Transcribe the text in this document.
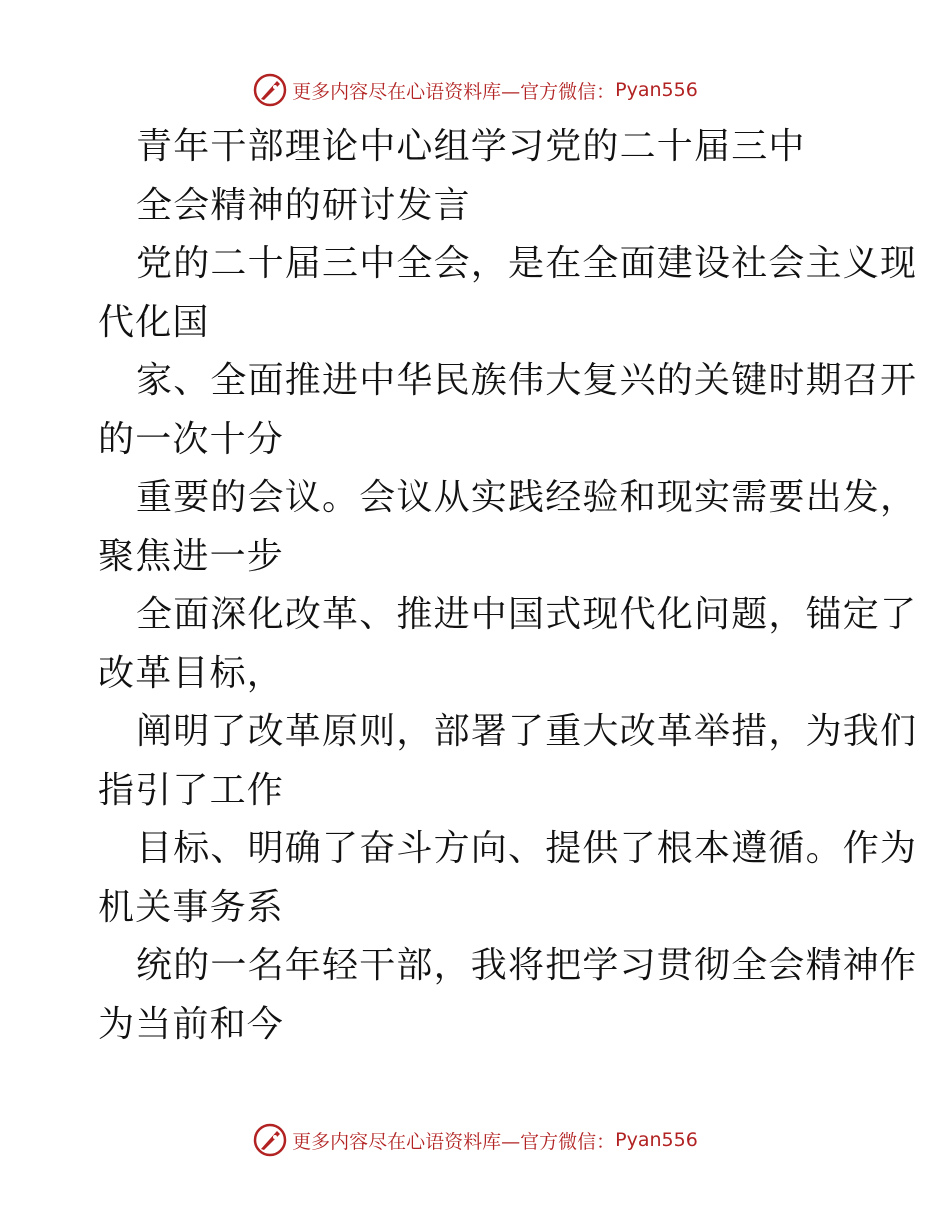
更多内容尽在心语资料库—官方微信： Pyan556
青年干部理论中心组学习党的二十届三中
全会精神的研讨发言
党的二十届三中全会，是在全面建设社会主义现
代化国
家、全面推进中华民族伟大复兴的关键时期召开
的一次十分
重要的会议。会议从实践经验和现实需要出发，
聚焦进一步
全面深化改革、推进中国式现代化问题，锚定了
改革目标，
阐明了改革原则，部署了重大改革举措，为我们
指引了工作
目标、明确了奋斗方向、提供了根本遵循。作为
机关事务系
统的一名年轻干部，我将把学习贯彻全会精神作
为当前和今
更多内容尽在心语资料库—官方微信： Pyan556
